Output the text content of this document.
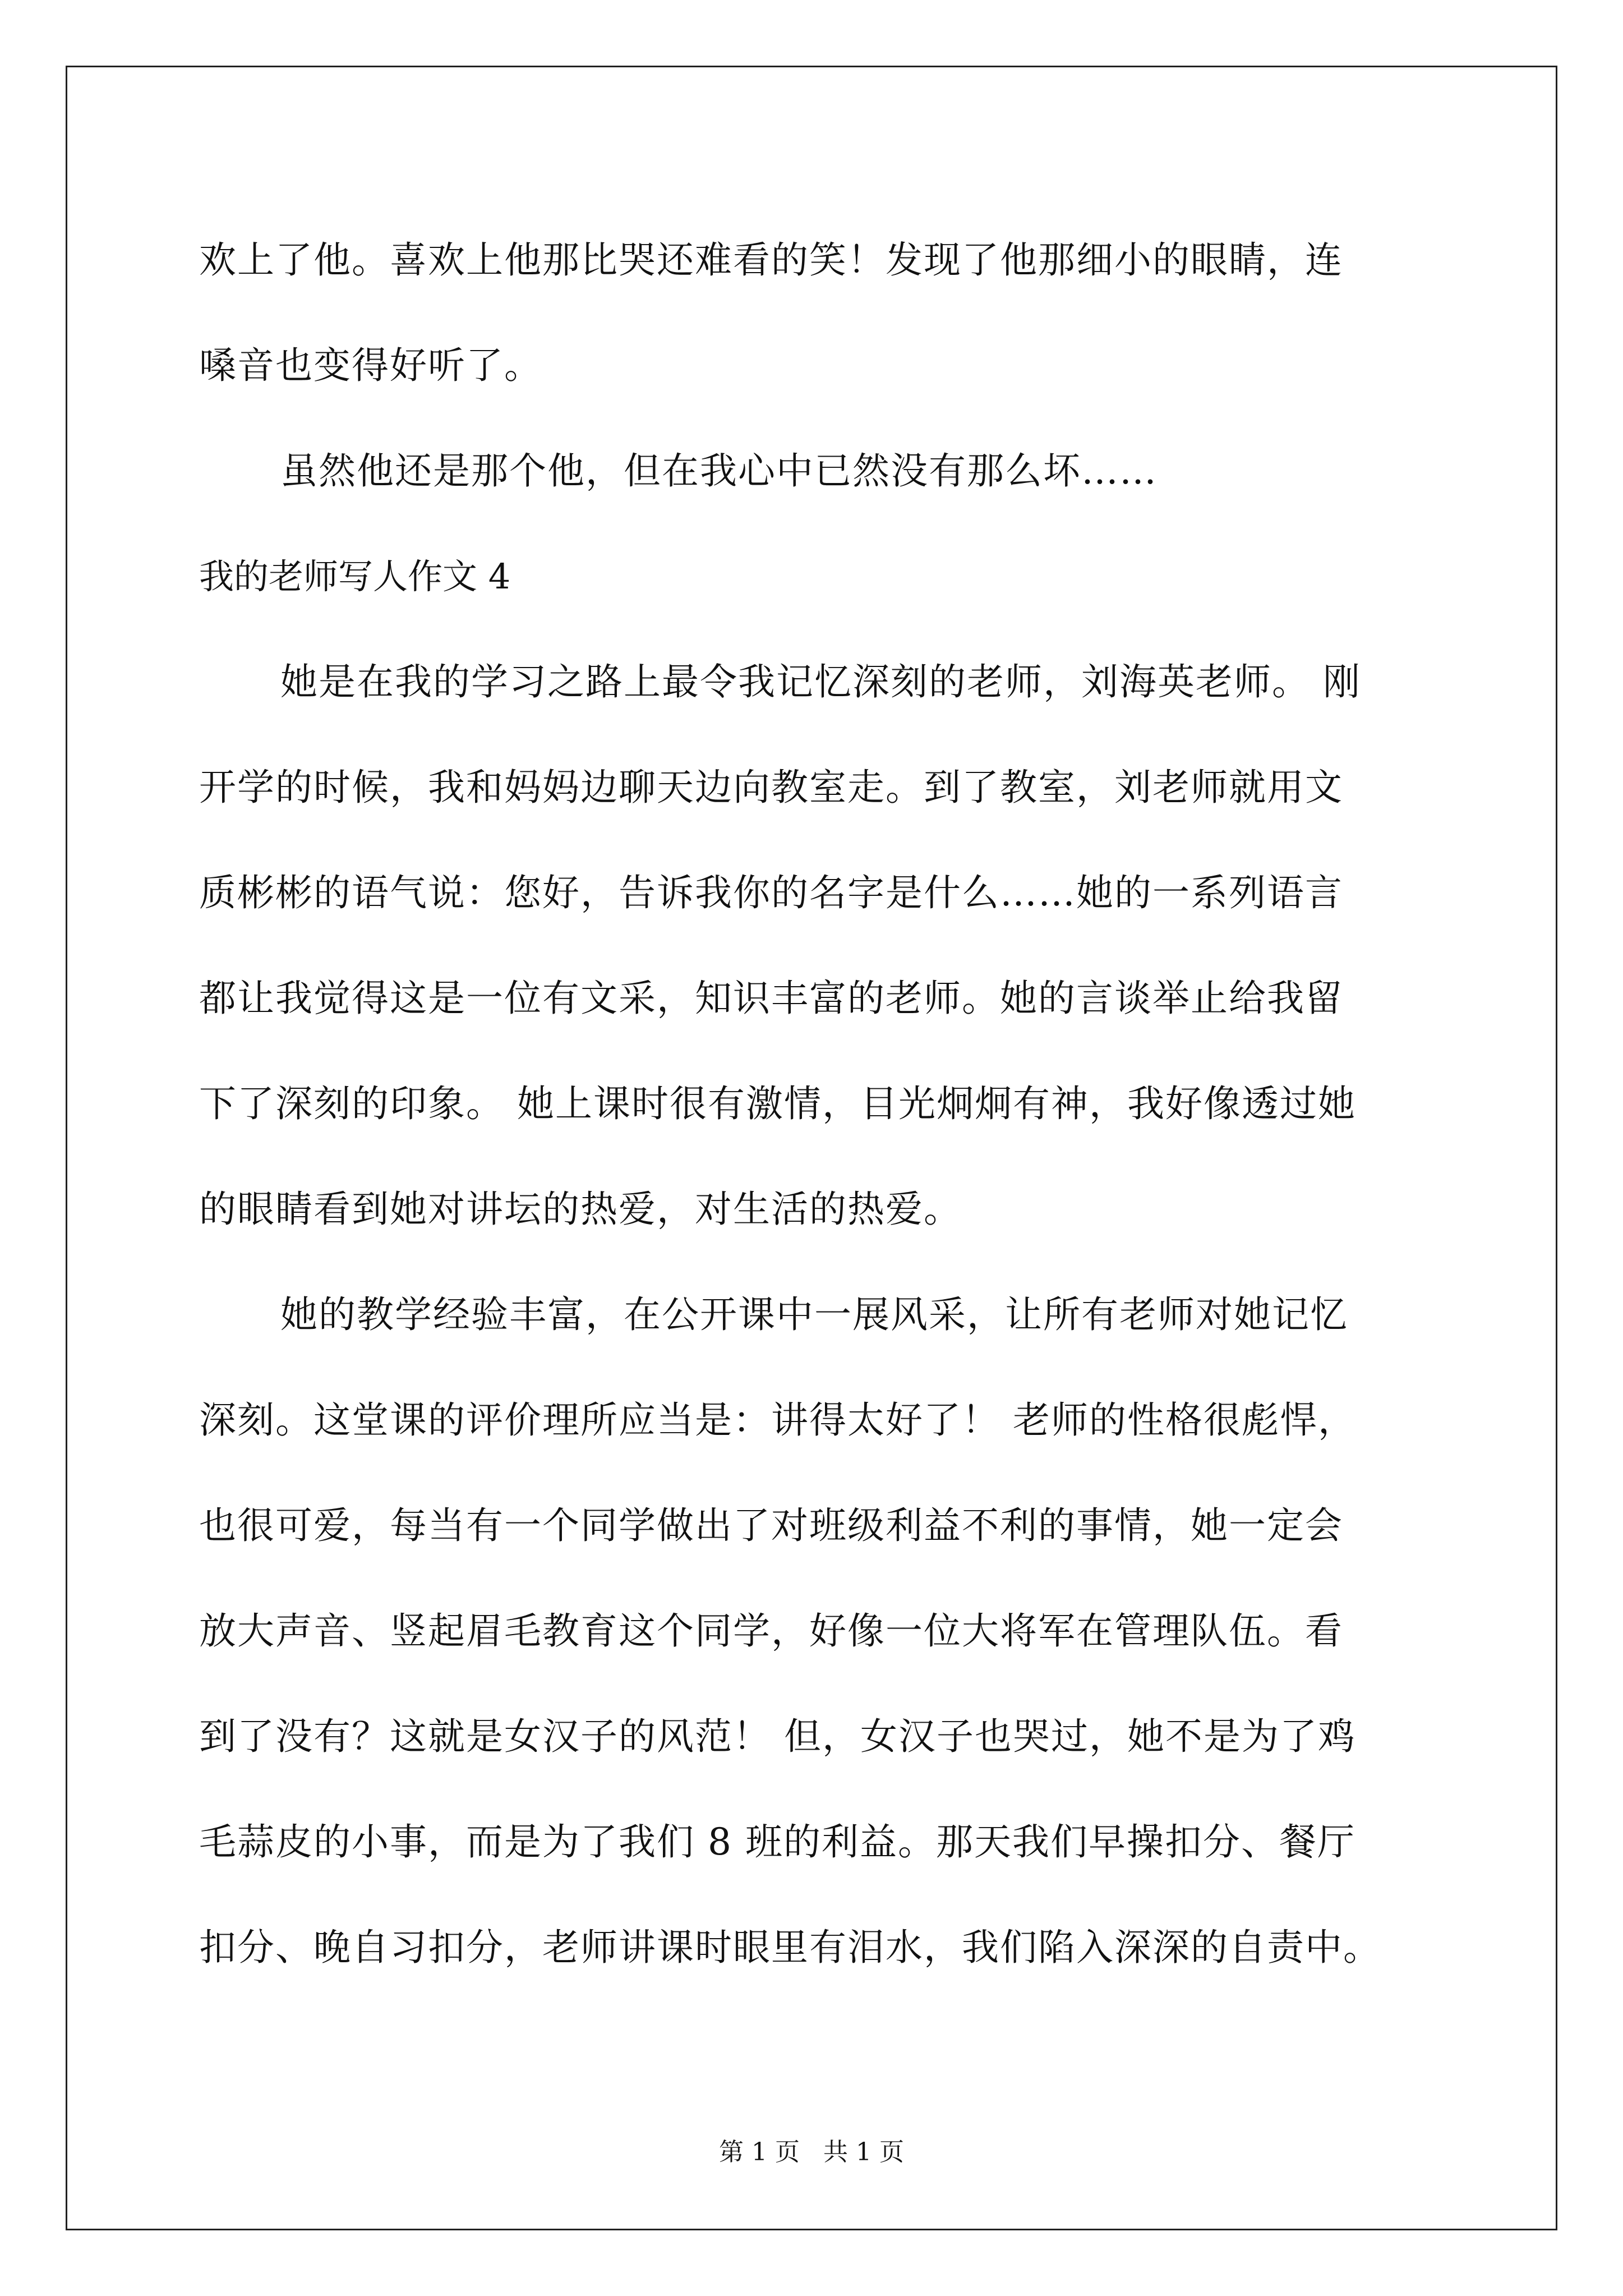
欢上了他。喜欢上他那比哭还难看的笑！发现了他那细小的眼睛，连
嗓音也变得好听了。

虽然他还是那个他，但在我心中已然没有那么坏……

我的老师写人作文 4

她是在我的学习之路上最令我记忆深刻的老师，刘海英老师。 刚
开学的时候，我和妈妈边聊天边向教室走。到了教室，刘老师就用文
质彬彬的语气说：您好，告诉我你的名字是什么……她的一系列语言
都让我觉得这是一位有文采，知识丰富的老师。她的言谈举止给我留
下了深刻的印象。 她上课时很有激情，目光炯炯有神，我好像透过她
的眼睛看到她对讲坛的热爱，对生活的热爱。

她的教学经验丰富，在公开课中一展风采，让所有老师对她记忆
深刻。这堂课的评价理所应当是：讲得太好了！ 老师的性格很彪悍，
也很可爱，每当有一个同学做出了对班级利益不利的事情，她一定会
放大声音、竖起眉毛教育这个同学，好像一位大将军在管理队伍。看
到了没有？这就是女汉子的风范！ 但，女汉子也哭过，她不是为了鸡
毛蒜皮的小事，而是为了我们 8 班的利益。那天我们早操扣分、餐厅
扣分、晚自习扣分，老师讲课时眼里有泪水，我们陷入深深的自责中。

第 1 页 共 1 页
